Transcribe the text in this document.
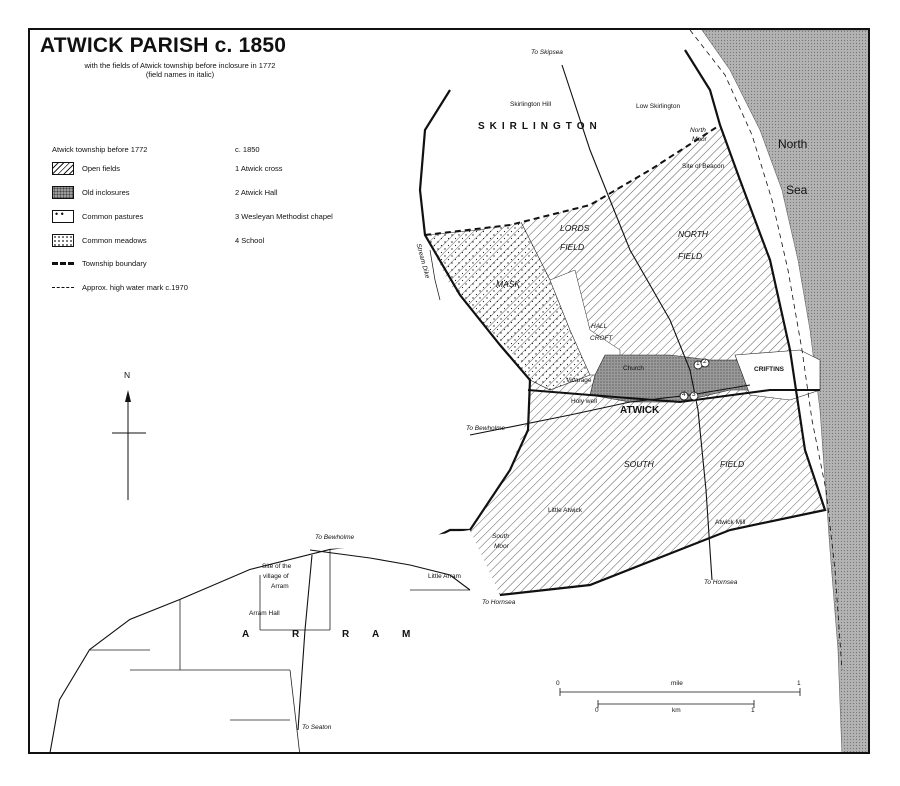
ATWICK PARISH c. 1850
with the fields of Atwick township before inclosure in 1772
(field names in italic)
Atwick township before 1772	c. 1850
Open fields
Old inclosures
• •
Common pastures
Common meadows
Township boundary
Approx. high water mark c.1970
1 Atwick cross
2 Atwick Hall
3 Wesleyan Methodist chapel
4 School
N
North
Sea
SKIRLINGTON
ATWICK
A	R	R A M
LORDS
FIELD
NORTH
FIELD
MASK
HALL
CROFT
SOUTH	FIELD
CRIFTINS
North
Moor
South
Moor
To Skipsea
Skirlington Hill	Low Skirlington
Site of Beacon
Church
Vicarage
Holy well
To Bewholme
Little Atwick
Atwick Mill
To Hornsea
To Bewholme
Site of the
village of
Arram
Little Arram
To Hornsea
Arram Hall
To Seaton
Stream Dike
1
4 3
2
0	mile	1
0	km	1
